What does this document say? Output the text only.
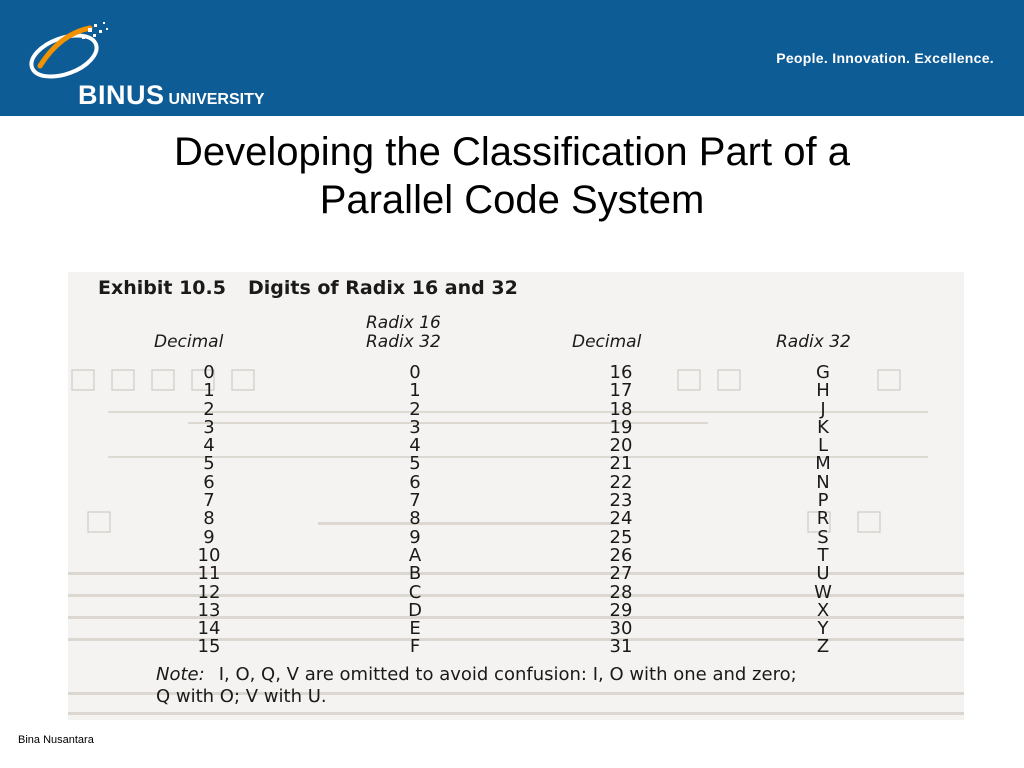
BINUS UNIVERSITY
People. Innovation. Excellence.
Developing the Classification Part of a
Parallel Code System
Exhibit 10.5 Digits of Radix 16 and 32
Decimal
Radix 16
Radix 32	Decimal	Radix 32
0
1
2
3
4
5
6
7
8
9
10
11
12
13
14
15
0
1
2
3
4
5
6
7
8
9
A
B
C
D
E
F
16
17
18
19
20
21
22
23
24
25
26
27
28
29
30
31
G
H
J
K
L
M
N
P
R
S
T
U
W
X
Y
Z
Note: I, O, Q, V are omitted to avoid confusion: I, O with one and zero;
Q with O; V with U.
Bina Nusantara
